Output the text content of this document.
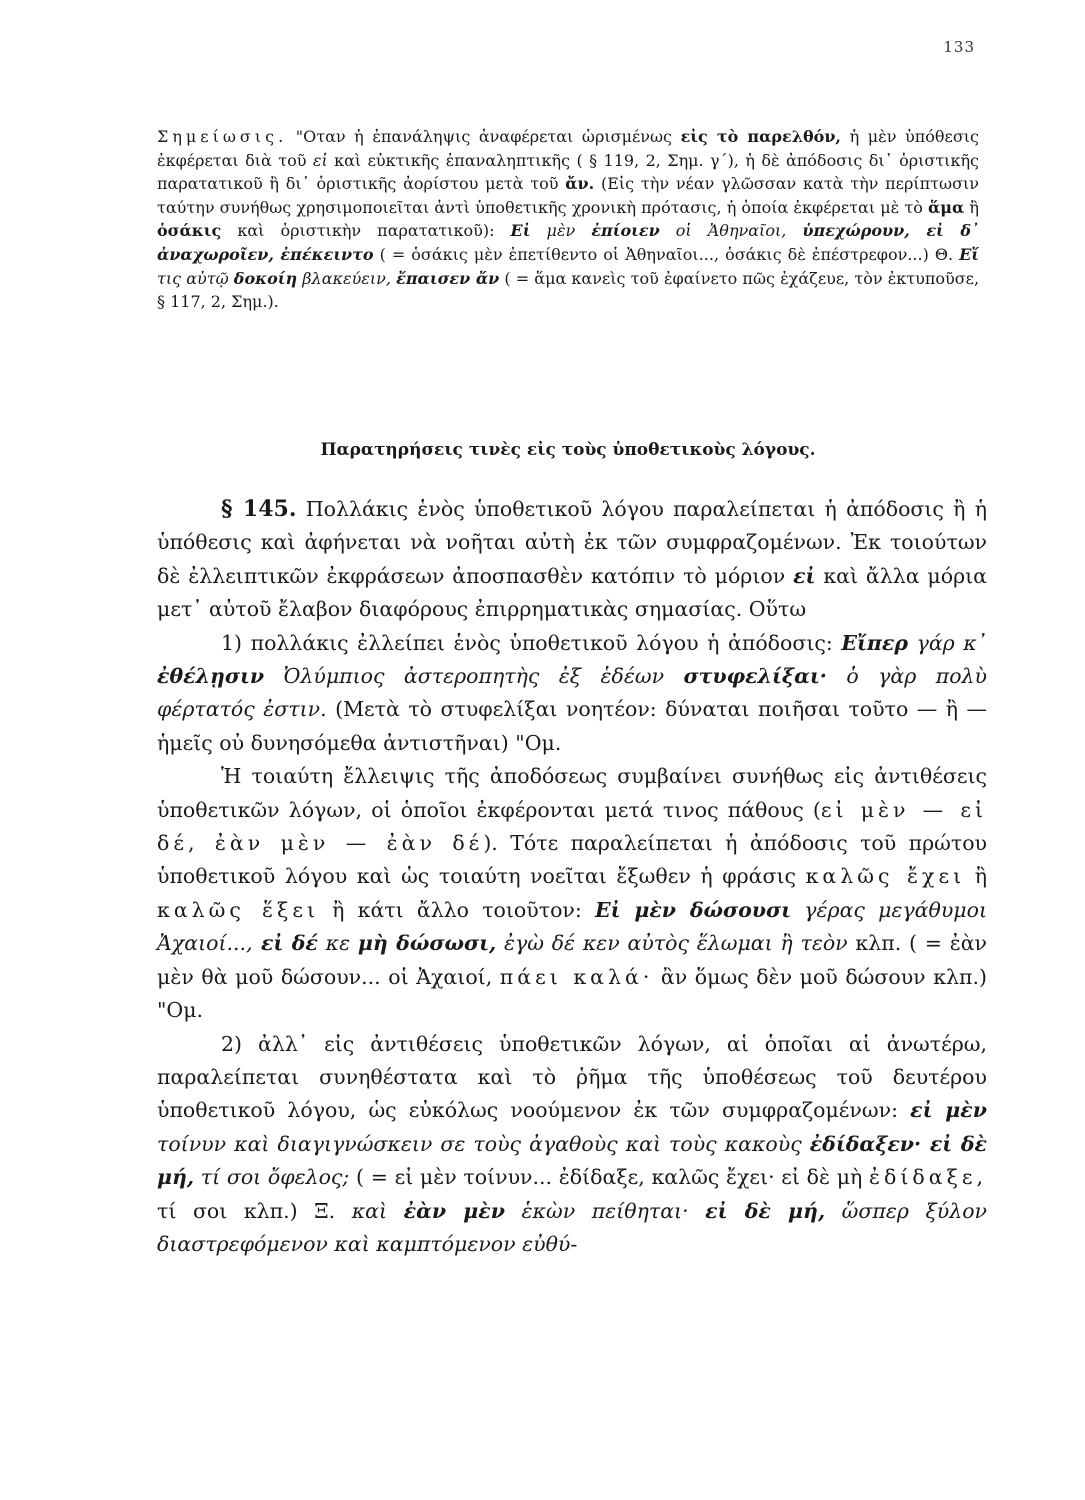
133

Σημείωσις. "Οταν ἡ ἐπανάληψις ἀναφέρεται ὡρισμένως εἰς τὸ παρελθόν, ἡ μὲν ὑπόθεσις ἐκφέρεται διὰ τοῦ εἰ καὶ εὐκτικῆς ἐπαναληπτικῆς ( § 119, 2, Σημ. γ´), ἡ δὲ ἀπόδοσις δι᾽ ὁριστικῆς παρατατικοῦ ἢ δι᾽ ὁριστικῆς ἀορίστου μετὰ τοῦ ἄν. (Εἰς τὴν νέαν γλῶσσαν κατὰ τὴν περίπτωσιν ταύτην συνήθως χρησιμοποιεῖται ἀντὶ ὑποθετικῆς χρονικὴ πρότασις, ἡ ὁποία ἐκφέρεται μὲ τὸ ἅμα ἢ ὁσάκις καὶ ὁριστικὴν παρατατικοῦ): Εἰ μὲν ἐπίοιεν οἱ Ἀθηναῖοι, ὑπεχώρουν, εἰ δ᾽ ἀναχωροῖεν, ἐπέκειντο ( = ὁσάκις μὲν ἐπετίθεντο οἱ Ἀθηναῖοι..., ὁσάκις δὲ ἐπέστρεφον...) Θ. Εἴ τις αὐτῷ δοκοίη βλακεύειν, ἔπαισεν ἄν ( = ἅμα κανεὶς τοῦ ἐφαίνετο πῶς ἐχάζευε, τὸν ἐκτυποῦσε, § 117, 2, Σημ.).

Παρατηρήσεις τινὲς εἰς τοὺς ὑποθετικοὺς λόγους.

§ 145. Πολλάκις ἑνὸς ὑποθετικοῦ λόγου παραλείπεται ἡ ἀπόδοσις ἢ ἡ ὑπόθεσις καὶ ἀφήνεται νὰ νοῆται αὐτὴ ἐκ τῶν συμφραζομένων. Ἐκ τοιούτων δὲ ἐλλειπτικῶν ἐκφράσεων ἀποσπασθὲν κατόπιν τὸ μόριον εἰ καὶ ἄλλα μόρια μετ᾽ αὐτοῦ ἔλαβον διαφόρους ἐπιρρηματικὰς σημασίας. Οὕτω

1) πολλάκις ἐλλείπει ἑνὸς ὑποθετικοῦ λόγου ἡ ἀπόδοσις: Εἴπερ γάρ κ᾽ ἐθέλῃσιν Ὀλύμπιος ἀστεροπητὴς ἐξ ἑδέων στυφελίξαι· ὁ γὰρ πολὺ φέρτατός ἐστιν. (Μετὰ τὸ στυφελίξαι νοητέον: δύναται ποιῆσαι τοῦτο — ἢ — ἡμεῖς οὐ δυνησόμεθα ἀντιστῆναι) "Ομ.

Ἡ τοιαύτη ἔλλειψις τῆς ἀποδόσεως συμβαίνει συνήθως εἰς ἀντιθέσεις ὑποθετικῶν λόγων, οἱ ὁποῖοι ἐκφέρονται μετά τινος πάθους (εἰ μὲν — εἰ δέ, ἐὰν μὲν — ἐὰν δέ). Τότε παραλείπεται ἡ ἀπόδοσις τοῦ πρώτου ὑποθετικοῦ λόγου καὶ ὡς τοιαύτη νοεῖται ἔξωθεν ἡ φράσις καλῶς ἔχει ἢ καλῶς ἕξει ἢ κάτι ἄλλο τοιοῦτον: Εἰ μὲν δώσουσι γέρας μεγάθυμοι Ἀχαιοί..., εἰ δέ κε μὴ δώσωσι, ἐγὼ δέ κεν αὐτὸς ἕλωμαι ἢ τεὸν κλπ. ( = ἐὰν μὲν θὰ μοῦ δώσουν... οἱ Ἀχαιοί, πάει καλά· ἂν ὅμως δὲν μοῦ δώσουν κλπ.) "Ομ.

2) ἀλλ᾽ εἰς ἀντιθέσεις ὑποθετικῶν λόγων, αἱ ὁποῖαι αἱ ἀνωτέρω, παραλείπεται συνηθέστατα καὶ τὸ ῥῆμα τῆς ὑποθέσεως τοῦ δευτέρου ὑποθετικοῦ λόγου, ὡς εὐκόλως νοούμενον ἐκ τῶν συμφραζομένων: εἰ μὲν τοίνυν καὶ διαγιγνώσκειν σε τοὺς ἀγαθοὺς καὶ τοὺς κακοὺς ἐδίδαξεν· εἰ δὲ μή, τί σοι ὄφελος; ( = εἰ μὲν τοίνυν... ἐδίδαξε, καλῶς ἔχει· εἰ δὲ μὴ ἐδίδαξε, τί σοι κλπ.) Ξ. καὶ ἐὰν μὲν ἑκὼν πείθηται· εἰ δὲ μή, ὥσπερ ξύλον διαστρεφόμενον καὶ καμπτόμενον εὐθύ-
